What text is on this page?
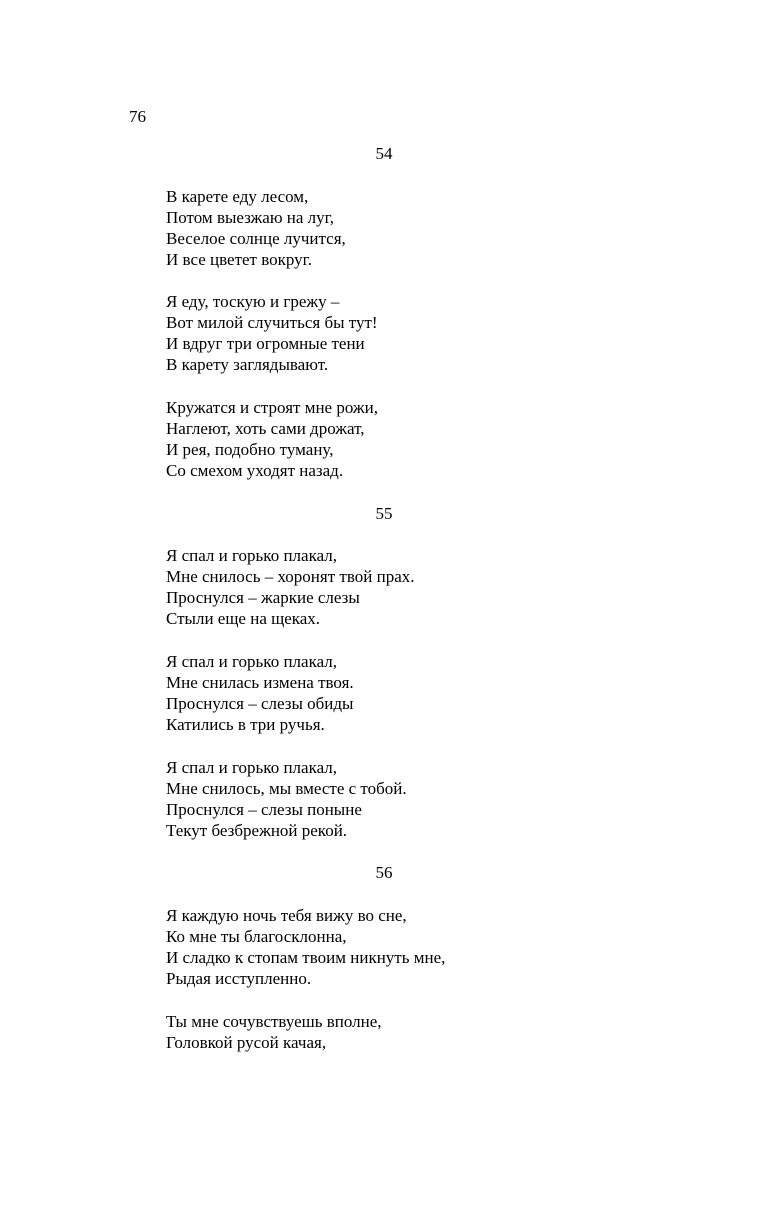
76
54
В карете еду лесом,
Потом выезжаю на луг,
Веселое солнце лучится,
И все цветет вокруг.
Я еду, тоскую и грежу –
Вот милой случиться бы тут!
И вдруг три огромные тени
В карету заглядывают.
Кружатся и строят мне рожи,
Наглеют, хоть сами дрожат,
И рея, подобно туману,
Со смехом уходят назад.
55
Я спал и горько плакал,
Мне снилось – хоронят твой прах.
Проснулся – жаркие слезы
Стыли еще на щеках.
Я спал и горько плакал,
Мне снилась измена твоя.
Проснулся – слезы обиды
Катились в три ручья.
Я спал и горько плакал,
Мне снилось, мы вместе с тобой.
Проснулся – слезы поныне
Текут безбрежной рекой.
56
Я каждую ночь тебя вижу во сне,
Ко мне ты благосклонна,
И сладко к стопам твоим никнуть мне,
Рыдая исступленно.
Ты мне сочувствуешь вполне,
Головкой русой качая,
